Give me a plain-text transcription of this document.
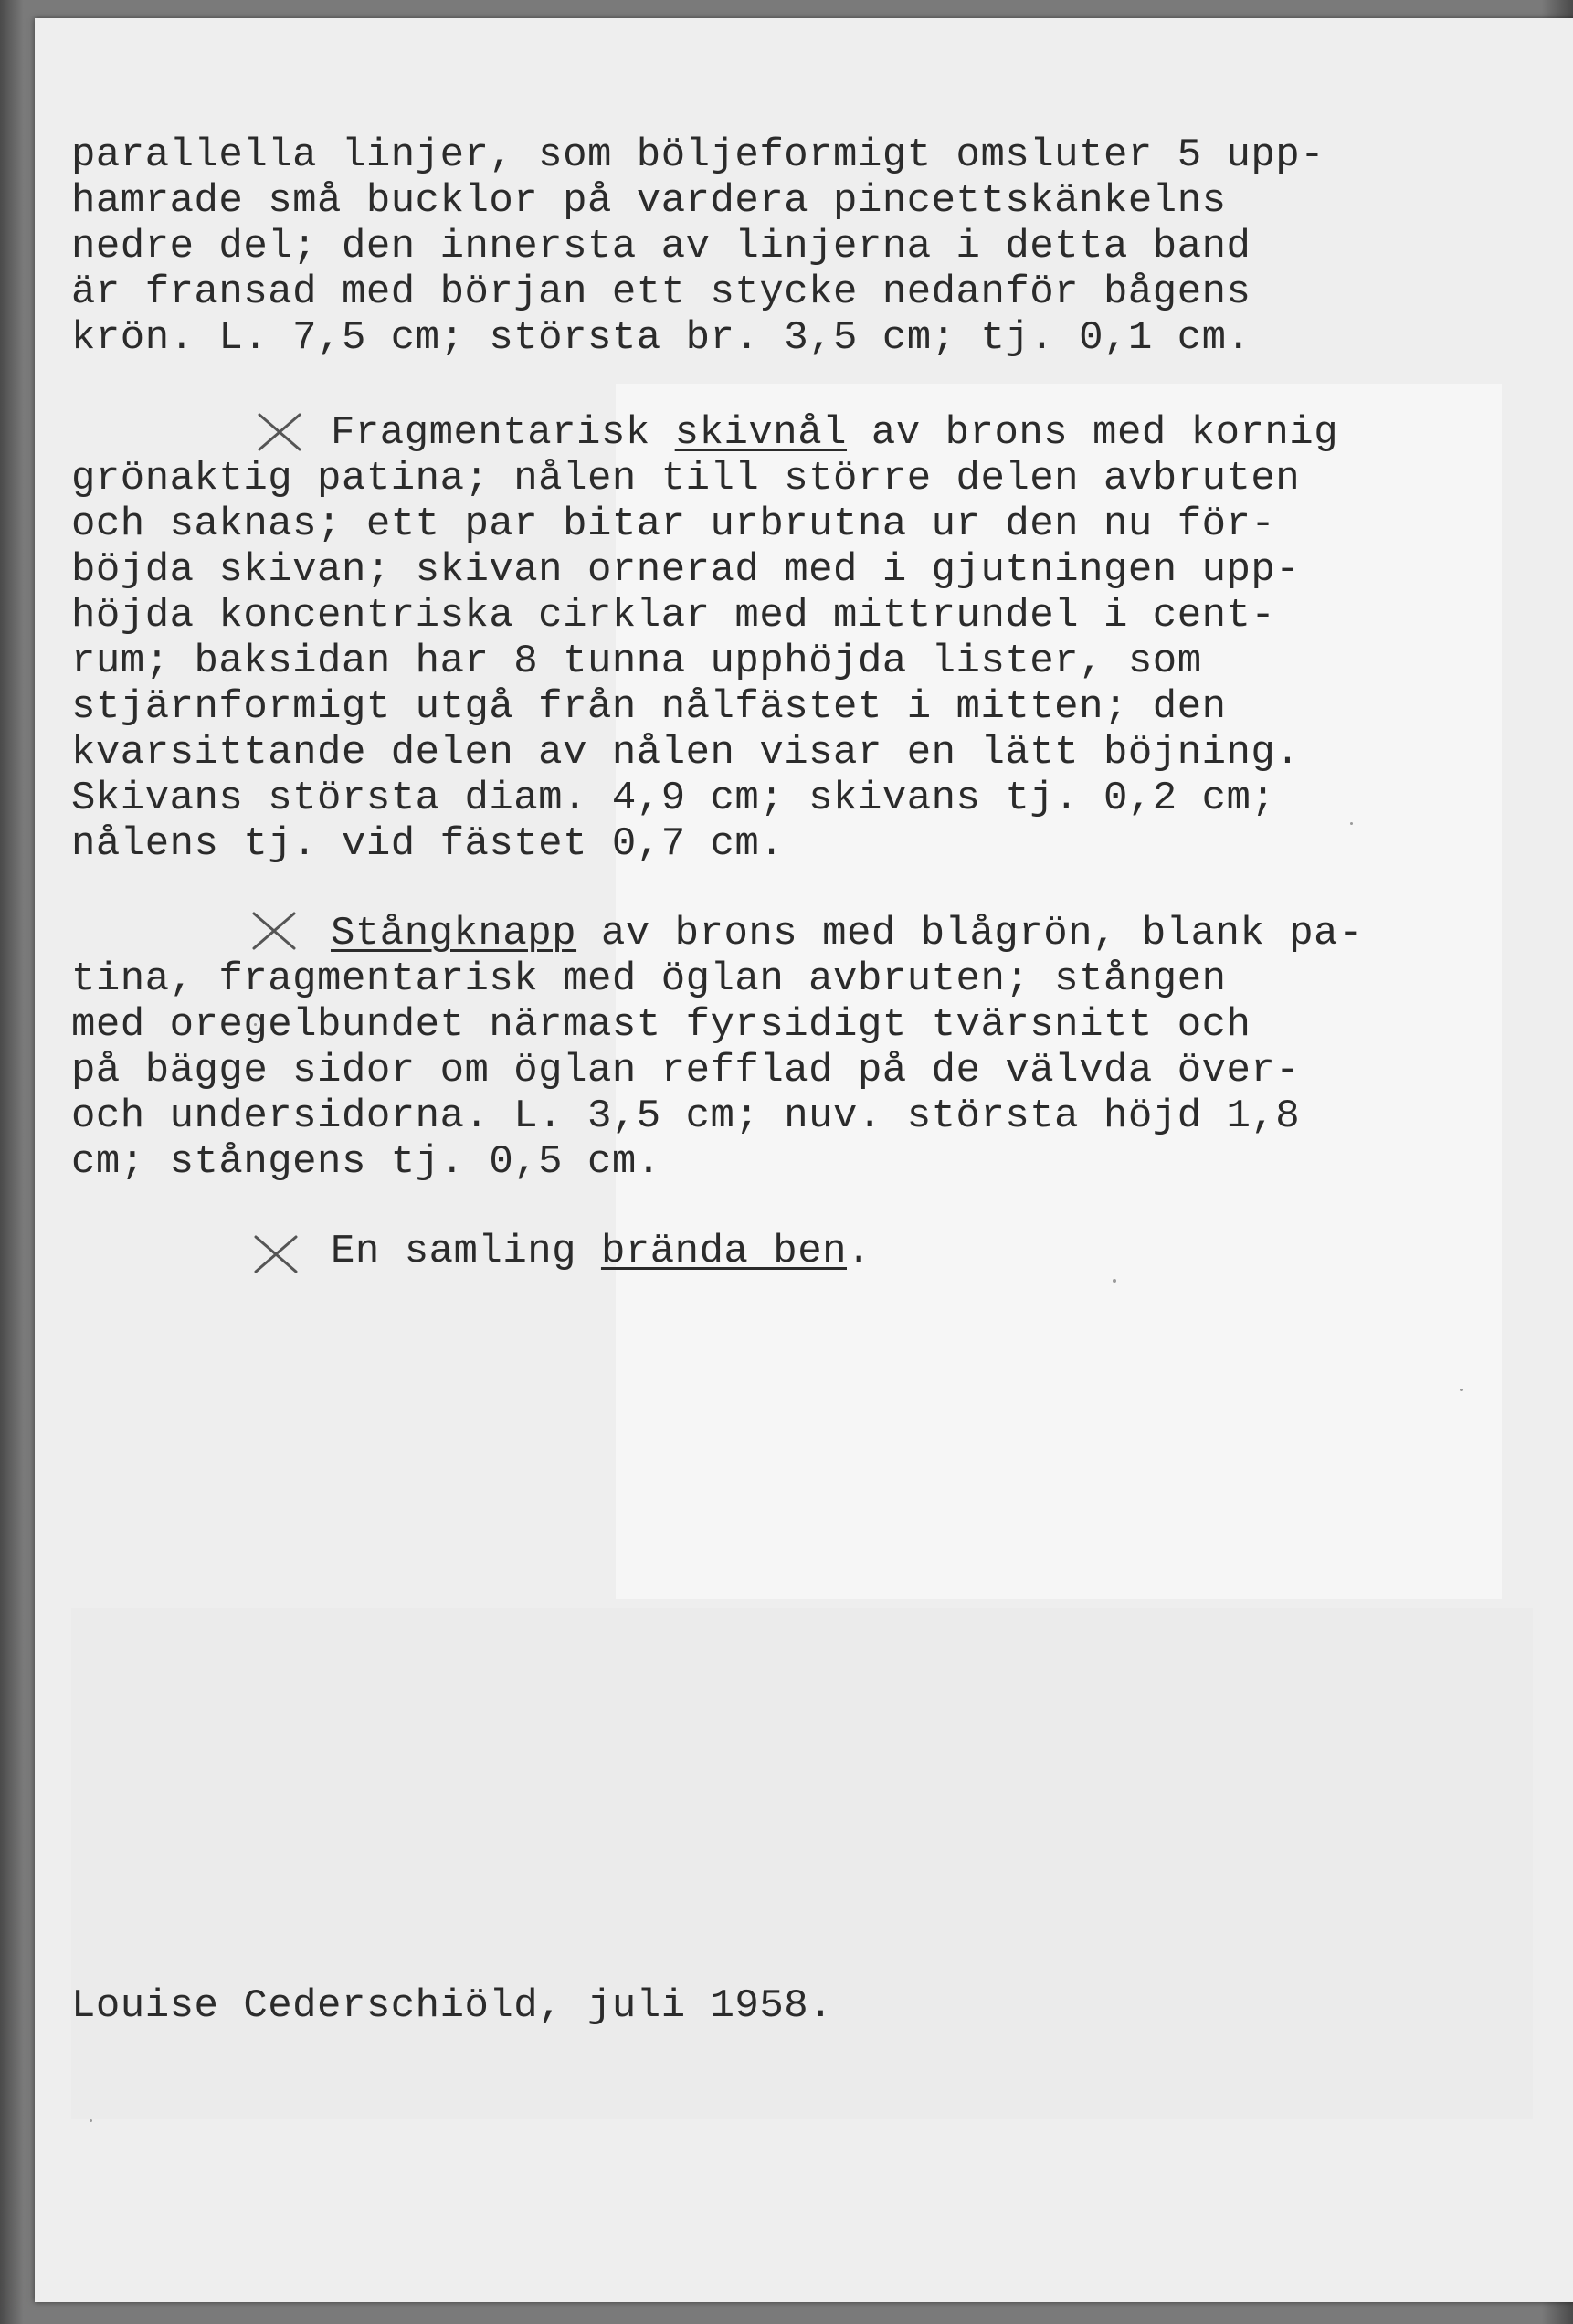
parallella linjer, som böljeformigt omsluter 5 upp-
hamrade små bucklor på vardera pincettskänkelns
nedre del; den innersta av linjerna i detta band
är fransad med början ett stycke nedanför bågens
krön. L. 7,5 cm; största br. 3,5 cm; tj. 0,1 cm.
Fragmentarisk skivnål av brons med kornig
grönaktig patina; nålen till större delen avbruten
och saknas; ett par bitar urbrutna ur den nu för-
böjda skivan; skivan ornerad med i gjutningen upp-
höjda koncentriska cirklar med mittrundel i cent-
rum; baksidan har 8 tunna upphöjda lister, som
stjärnformigt utgå från nålfästet i mitten; den
kvarsittande delen av nålen visar en lätt böjning.
Skivans största diam. 4,9 cm; skivans tj. 0,2 cm;
nålens tj. vid fästet 0,7 cm.
Stångknapp av brons med blågrön, blank pa-
tina, fragmentarisk med öglan avbruten; stången
med oregelbundet närmast fyrsidigt tvärsnitt och
på bägge sidor om öglan refflad på de välvda över-
och undersidorna. L. 3,5 cm; nuv. största höjd 1,8
cm; stångens tj. 0,5 cm.
En samling brända ben.
Louise Cederschiöld, juli 1958.
